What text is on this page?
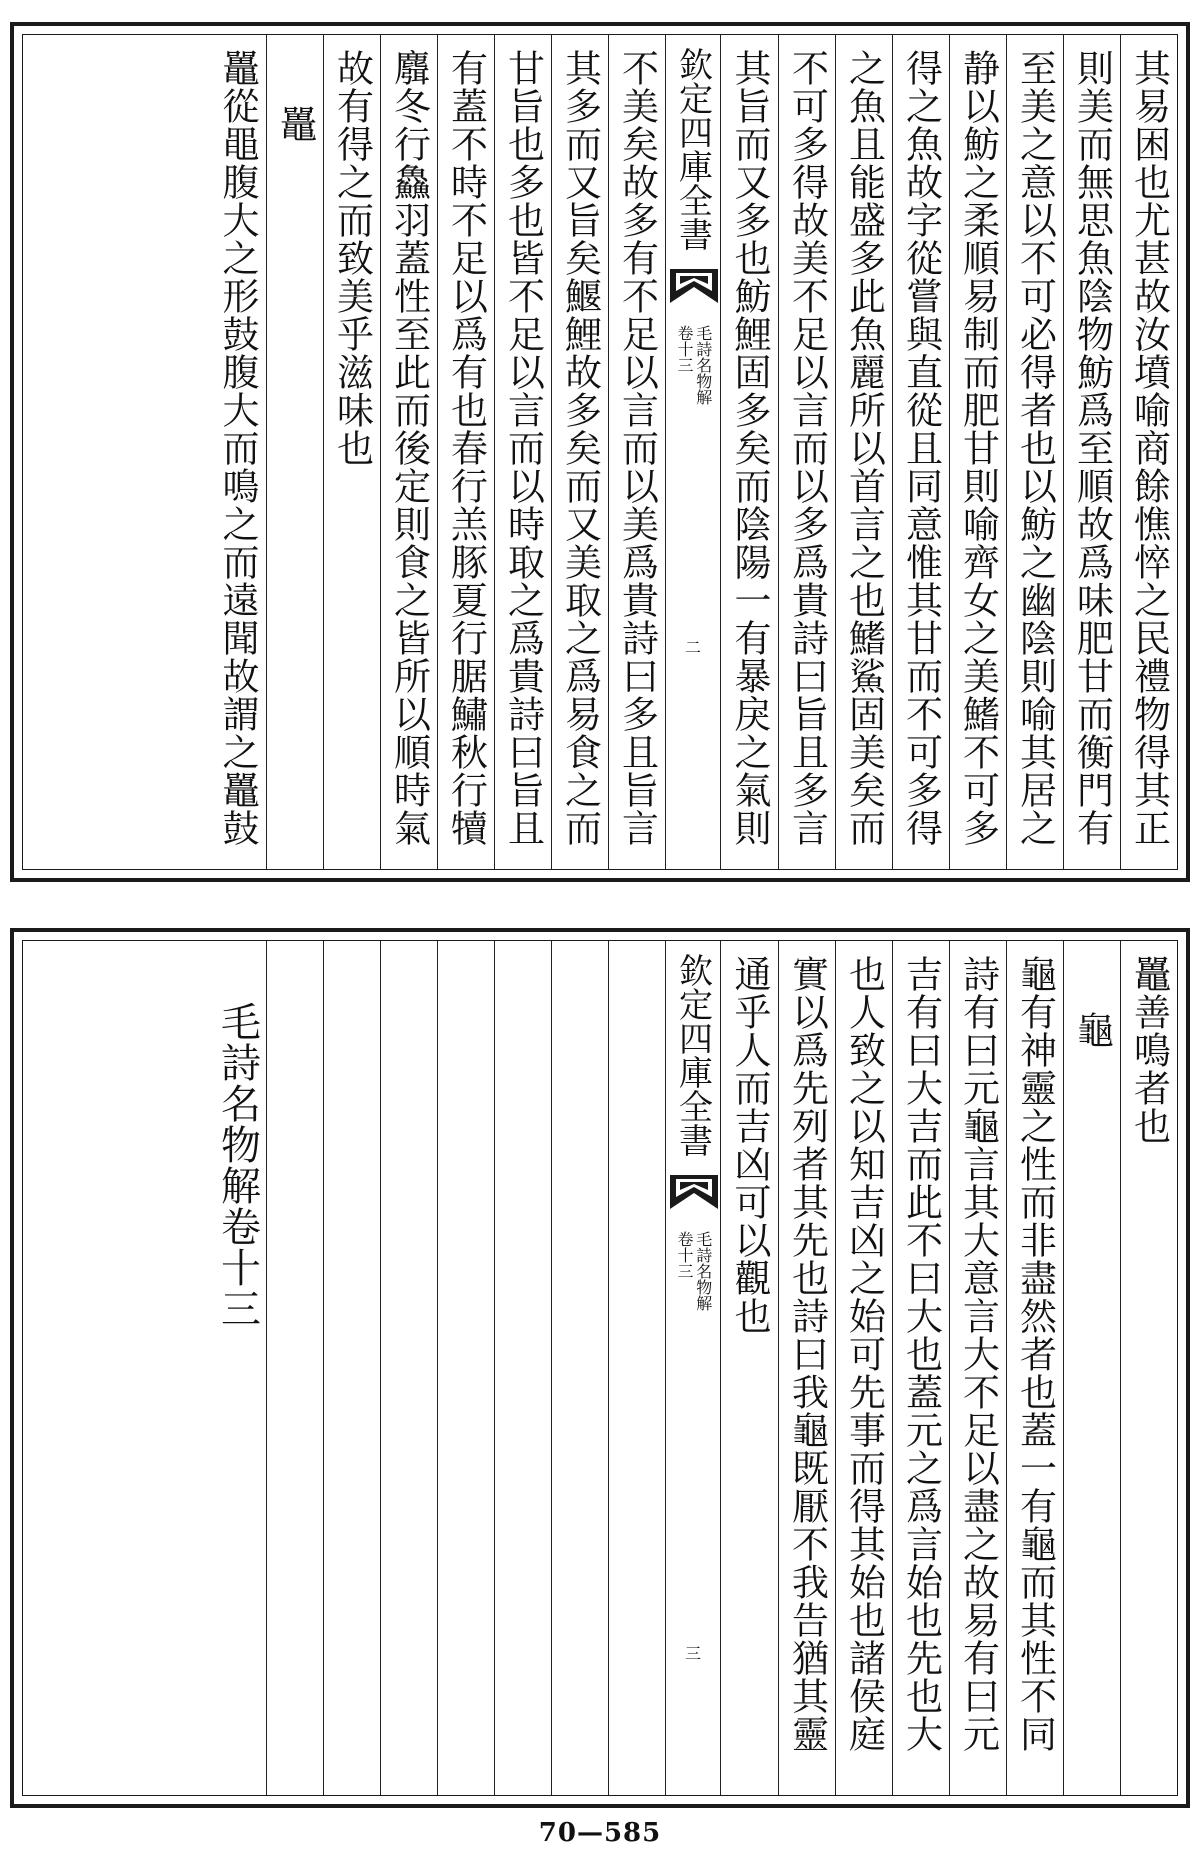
其易困也尤甚故汝墳喻商餘憔悴之民禮物得其正
則美而無思魚陰物魴爲至順故爲味肥甘而衡門有
至美之意以不可必得者也以魴之幽陰則喻其居之
静以魴之柔順易制而肥甘則喻齊女之美鰭不可多
得之魚故字從嘗與直從且同意惟其甘而不可多得
之魚且能盛多此魚麗所以首言之也鰭鯊固美矣而
不可多得故美不足以言而以多爲貴詩曰旨且多言
其旨而又多也魴鯉固多矣而陰陽一有暴戾之氣則
欽定四庫全書
毛詩名物解
卷十三
二
不美矣故多有不足以言而以美爲貴詩曰多且旨言
其多而又旨矣鰋鯉故多矣而又美取之爲易食之而
甘旨也多也皆不足以言而以時取之爲貴詩曰旨且
有蓋不時不足以爲有也春行羔豚夏行腒鱐秋行犢
麛冬行鱻羽蓋性至此而後定則食之皆所以順時氣
故有得之而致美乎滋味也
鼉
鼉從黽腹大之形鼓腹大而鳴之而遠聞故謂之鼉鼓
鼉善鳴者也
龜
龜有神靈之性而非盡然者也蓋一有龜而其性不同
詩有曰元龜言其大意言大不足以盡之故易有曰元
吉有曰大吉而此不曰大也蓋元之爲言始也先也大
也人致之以知吉凶之始可先事而得其始也諸侯庭
實以爲先列者其先也詩曰我龜既厭不我告猶其靈
通乎人而吉凶可以觀也
欽定四庫全書
毛詩名物解
卷十三
三
毛詩名物解卷十三
70—585
